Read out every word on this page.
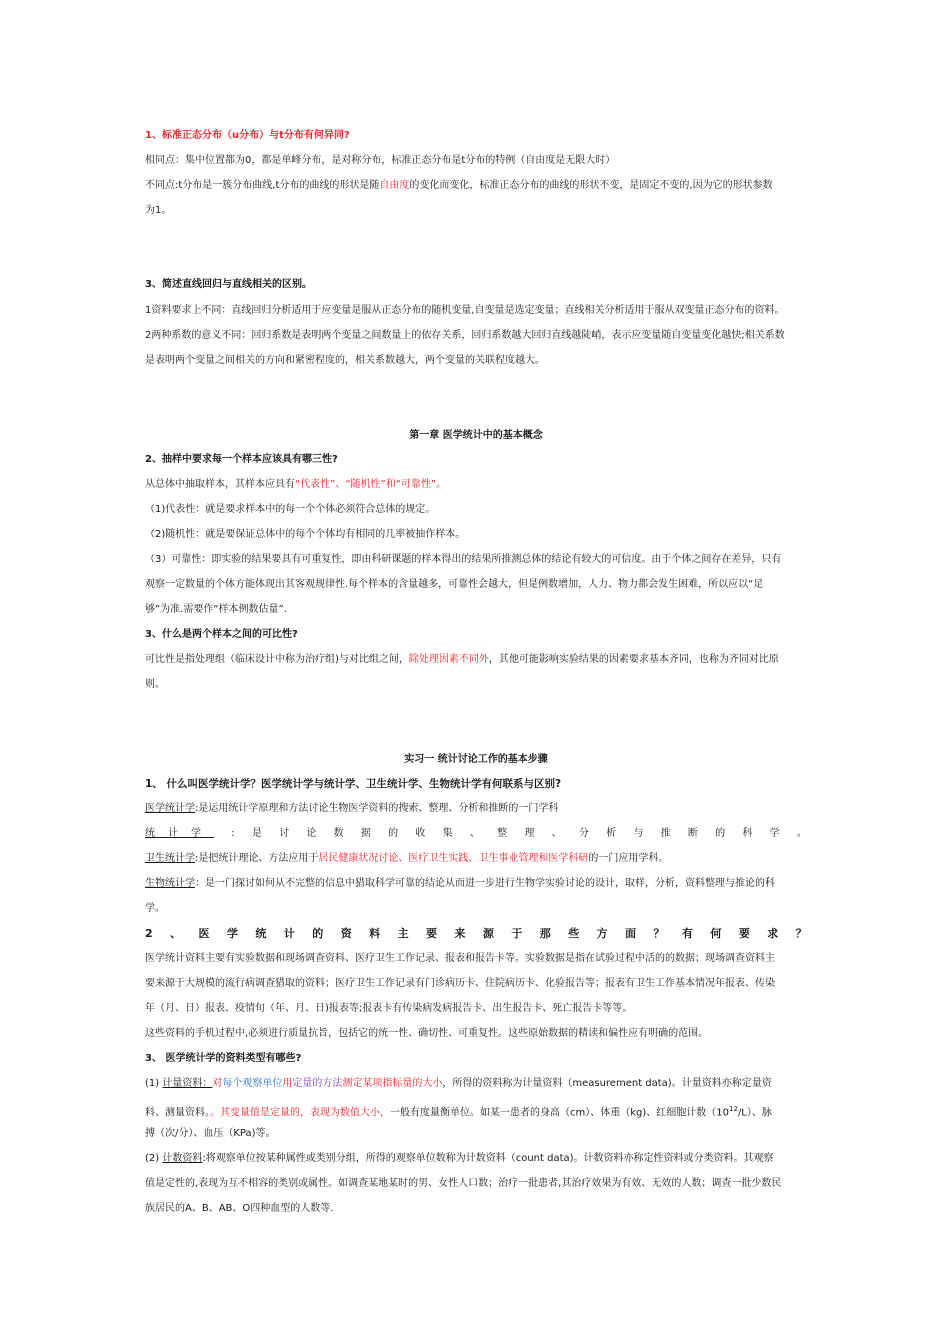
1、标准正态分布（u分布）与t分布有何异同?
相同点：集中位置都为0，都是单峰分布，是对称分布，标准正态分布是t分布的特例（自由度是无限大时）
不同点:t分布是一簇分布曲线,t分布的曲线的形状是随自由度的变化而变化，标准正态分布的曲线的形状不变，是固定不变的,因为它的形状参数
为1。
3、简述直线回归与直线相关的区别。
1资料要求上不同：直线回归分析适用于应变量是服从正态分布的随机变量,自变量是选定变量；直线相关分析适用于服从双变量正态分布的资料。
2两种系数的意义不同：回归系数是表明两个变量之间数量上的依存关系，回归系数越大回归直线越陡峭，表示应变量随自变量变化越快;相关系数
是表明两个变量之间相关的方向和紧密程度的，相关系数越大，两个变量的关联程度越大。
第一章 医学统计中的基本概念
2、抽样中要求每一个样本应该具有哪三性?
从总体中抽取样本，其样本应具有“代表性”、“随机性”和“可靠性”。
（1)代表性：就是要求样本中的每一个个体必须符合总体的规定。
（2)随机性：就是要保证总体中的每个个体均有相同的几率被抽作样本。
（3）可靠性：即实验的结果要具有可重复性，即由科研课题的样本得出的结果所推测总体的结论有较大的可信度。由于个体之间存在差异，只有
观察一定数量的个体方能体现出其客观规律性.每个样本的含量越多，可靠性会越大，但是例数增加，人力、物力都会发生困难，所以应以“足
够”为准.需要作“样本例数估量”.
3、什么是两个样本之间的可比性?
可比性是指处理组（临床设计中称为治疗组)与对比组之间，除处理因素不同外，其他可能影响实验结果的因素要求基本齐同，也称为齐同对比原
则。
实习一 统计讨论工作的基本步骤
1、 什么叫医学统计学？医学统计学与统计学、卫生统计学、生物统计学有何联系与区别?
医学统计学:是运用统计学原理和方法讨论生物医学资料的搜索、整理、分析和推断的一门学科
统计学 : 是 讨 论 数 据 的 收 集 、 整 理 、 分 析 与 推 断 的 科 学 。
卫生统计学:是把统计理论、方法应用于居民健康状况讨论、医疗卫生实践、卫生事业管理和医学科研的一门应用学科。
生物统计学：是一门探讨如何从不完整的信息中猎取科学可靠的结论从而进一步进行生物学实验讨论的设计，取样，分析，资料整理与推论的科
学。
2 、 医 学 统 计 的 资 料 主 要 来 源 于 那 些 方 面 ？ 有 何 要 求 ？
医学统计资料主要有实验数据和现场调查资料、医疗卫生工作记录、报表和报告卡等。实验数据是指在试验过程中活的的数据；现场调查资料主
要来源于大规模的流行病调查猎取的资料；医疗卫生工作记录有门诊病历卡、住院病历卡、化验报告等；报表有卫生工作基本情况年报表、传染
年（月、日）报表、疫情旬（年、月、日)报表等;报表卡有传染病发病报告卡、出生报告卡、死亡报告卡等等。
这些资料的手机过程中,必须进行质量抗旨，包括它的统一性、确切性、可重复性。这些原始数据的精读和偏性应有明确的范围。
3、 医学统计学的资料类型有哪些?
(1) 计量资料：对每个观察单位用定量的方法测定某项指标量的大小，所得的资料称为计量资料（measurement data)。计量资料亦称定量资
料、测量资料。。其变量值是定量的，表现为数值大小，一般有度量衡单位。如某一患者的身高（cm）、体重（kg)、红细胞计数$(10^{12}/L)$、脉
搏（次/分）、血压（KPa)等。
(2) 计数资料:将观察单位按某种属性或类别分组，所得的观察单位数称为计数资料（count data)。计数资料亦称定性资料或分类资料。其观察
值是定性的,表现为互不相容的类别或属性。如调查某地某时的男、女性人口数；治疗一批患者,其治疗效果为有效、无效的人数；调查一批少数民
族居民的A、B、AB、O四种血型的人数等.
